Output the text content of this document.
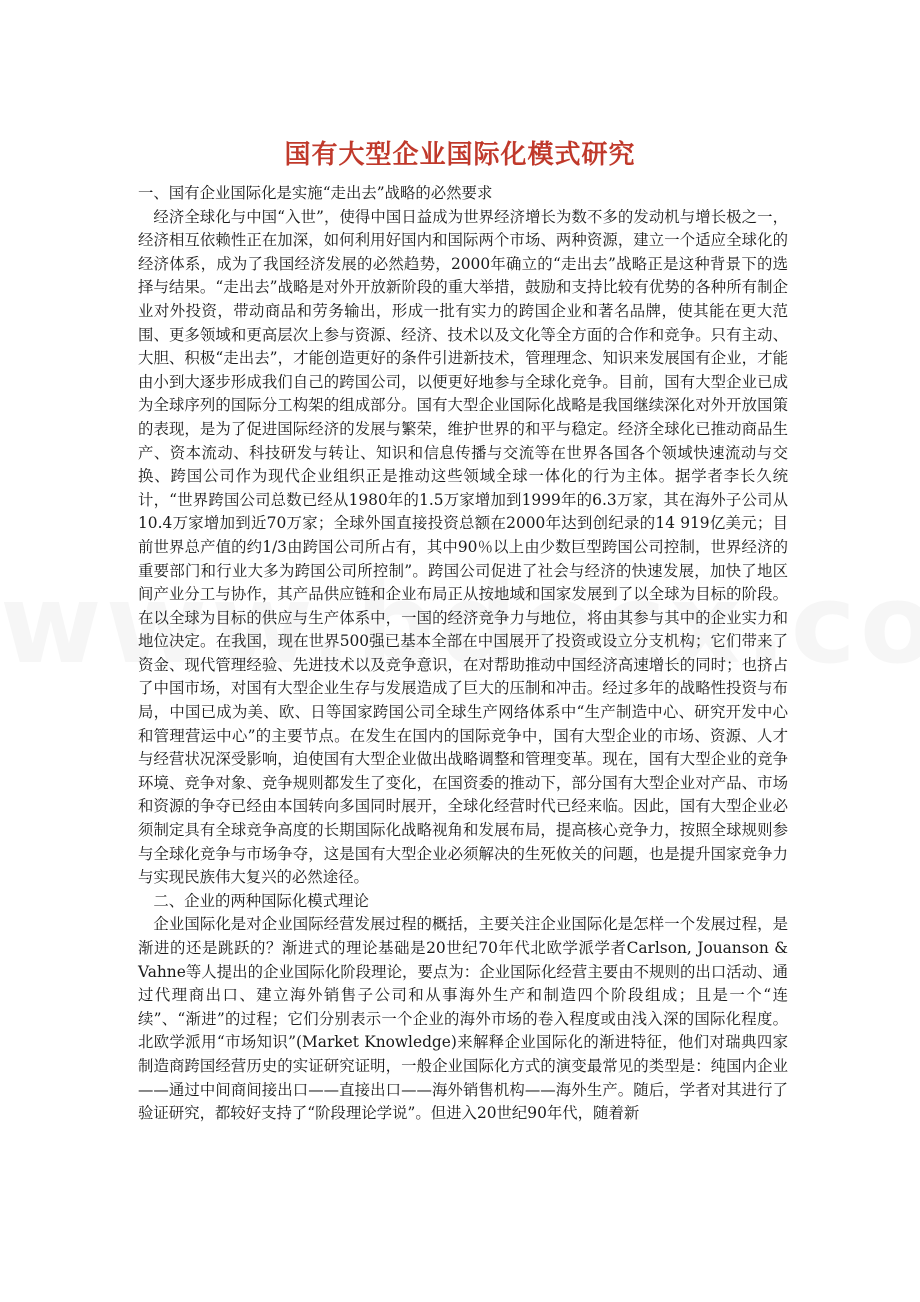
国有大型企业国际化模式研究

一、国有企业国际化是实施“走出去”战略的必然要求

经济全球化与中国“入世”，使得中国日益成为世界经济增长为数不多的发动机与增长极之一，经济相互依赖性正在加深，如何利用好国内和国际两个市场、两种资源，建立一个适应全球化的经济体系，成为了我国经济发展的必然趋势，2000年确立的“走出去”战略正是这种背景下的选择与结果。“走出去”战略是对外开放新阶段的重大举措，鼓励和支持比较有优势的各种所有制企业对外投资，带动商品和劳务输出，形成一批有实力的跨国企业和著名品牌，使其能在更大范围、更多领域和更高层次上参与资源、经济、技术以及文化等全方面的合作和竞争。只有主动、大胆、积极“走出去”，才能创造更好的条件引进新技术，管理理念、知识来发展国有企业，才能由小到大逐步形成我们自己的跨国公司，以便更好地参与全球化竞争。目前，国有大型企业已成为全球序列的国际分工构架的组成部分。国有大型企业国际化战略是我国继续深化对外开放国策的表现，是为了促进国际经济的发展与繁荣，维护世界的和平与稳定。经济全球化已推动商品生产、资本流动、科技研发与转让、知识和信息传播与交流等在世界各国各个领域快速流动与交换、跨国公司作为现代企业组织正是推动这些领域全球一体化的行为主体。据学者李长久统计，“世界跨国公司总数已经从1980年的1.5万家增加到1999年的6.3万家，其在海外子公司从10.4万家增加到近70万家；全球外国直接投资总额在2000年达到创纪录的14 919亿美元；目前世界总产值的约1/3由跨国公司所占有，其中90％以上由少数巨型跨国公司控制，世界经济的重要部门和行业大多为跨国公司所控制”。跨国公司促进了社会与经济的快速发展，加快了地区间产业分工与协作，其产品供应链和企业布局正从按地域和国家发展到了以全球为目标的阶段。在以全球为目标的供应与生产体系中，一国的经济竞争力与地位，将由其参与其中的企业实力和地位决定。在我国，现在世界500强已基本全部在中国展开了投资或设立分支机构；它们带来了资金、现代管理经验、先进技术以及竞争意识，在对帮助推动中国经济高速增长的同时；也挤占了中国市场，对国有大型企业生存与发展造成了巨大的压制和冲击。经过多年的战略性投资与布局，中国已成为美、欧、日等国家跨国公司全球生产网络体系中“生产制造中心、研究开发中心和管理营运中心”的主要节点。在发生在国内的国际竞争中，国有大型企业的市场、资源、人才与经营状况深受影响，迫使国有大型企业做出战略调整和管理变革。现在，国有大型企业的竞争环境、竞争对象、竞争规则都发生了变化，在国资委的推动下，部分国有大型企业对产品、市场和资源的争夺已经由本国转向多国同时展开，全球化经营时代已经来临。因此，国有大型企业必须制定具有全球竞争高度的长期国际化战略视角和发展布局，提高核心竞争力，按照全球规则参与全球化竞争与市场争夺，这是国有大型企业必须解决的生死攸关的问题，也是提升国家竞争力与实现民族伟大复兴的必然途径。

二、企业的两种国际化模式理论

企业国际化是对企业国际经营发展过程的概括，主要关注企业国际化是怎样一个发展过程，是渐进的还是跳跃的？渐进式的理论基础是20世纪70年代北欧学派学者Carlson, Jouanson & Vahne等人提出的企业国际化阶段理论，要点为：企业国际化经营主要由不规则的出口活动、通过代理商出口、建立海外销售子公司和从事海外生产和制造四个阶段组成；且是一个“连续”、“渐进”的过程；它们分别表示一个企业的海外市场的卷入程度或由浅入深的国际化程度。北欧学派用“市场知识”(Market Knowledge)来解释企业国际化的渐进特征，他们对瑞典四家制造商跨国经营历史的实证研究证明，一般企业国际化方式的演变最常见的类型是：纯国内企业——通过中间商间接出口——直接出口——海外销售机构——海外生产。随后，学者对其进行了验证研究，都较好支持了“阶段理论学说”。但进入20世纪90年代，随着新
